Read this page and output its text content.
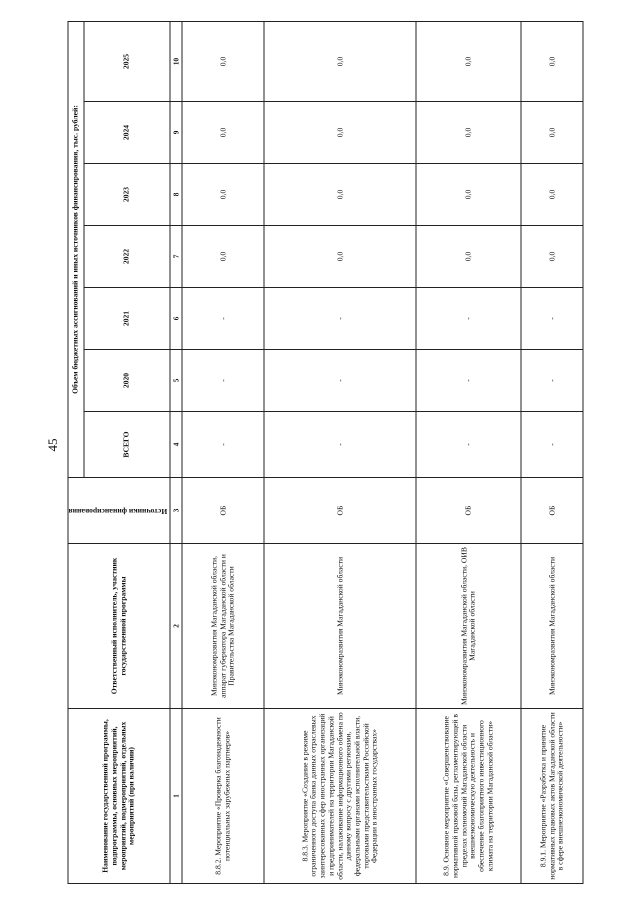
45
Наименование государственной программы, подпрограммы, основных мероприятий, мероприятий, подмероприятий, отдельных мероприятий (при наличии)	Ответственный исполнитель, участник государственной программы	Источники финансирования	Объем бюджетных ассигнований и иных источников финансирования, тыс. рублей:						
			ВСЕГО	2020	2021	2022	2023	2024	2025
1	2	3	4	5	6	7	8	9	10
8.8.2. Мероприятие «Проверка благонадежности потенциальных зарубежных партнеров»	Минэкономразвития Магаданской области, аппарат губернатора Магаданской области и Правительства Магаданской области	ОБ	-	-	-	0,0	0,0	0,0	0,0
8.8.3. Мероприятие «Создание в режиме ограниченного доступа банка данных отраслевых заинтересованных сфер иностранных организаций и предпринимателей на территории Магаданской области, налаживание информационного обмена по данному вопросу с другими регионами, федеральными органами исполнительной власти, торговыми представительствами Российской Федерации в иностранных государствах»	Минэкономразвития Магаданской области	ОБ	-	-	-	0,0	0,0	0,0	0,0
8.9. Основное мероприятие «Совершенствование нормативной правовой базы, регламентирующей в пределах полномочий Магаданской области внешнеэкономическую деятельность и обеспечение благоприятного инвестиционного климата на территории Магаданской области»	Минэкономразвития Магаданской области, ОИВ Магаданской области	ОБ	-	-	-	0,0	0,0	0,0	0,0
8.9.1. Мероприятие «Разработка и принятие нормативных правовых актов Магаданской области в сфере внешнеэкономической деятельности»	Минэкономразвития Магаданской области	ОБ	-	-	-	0,0	0,0	0,0	0,0
